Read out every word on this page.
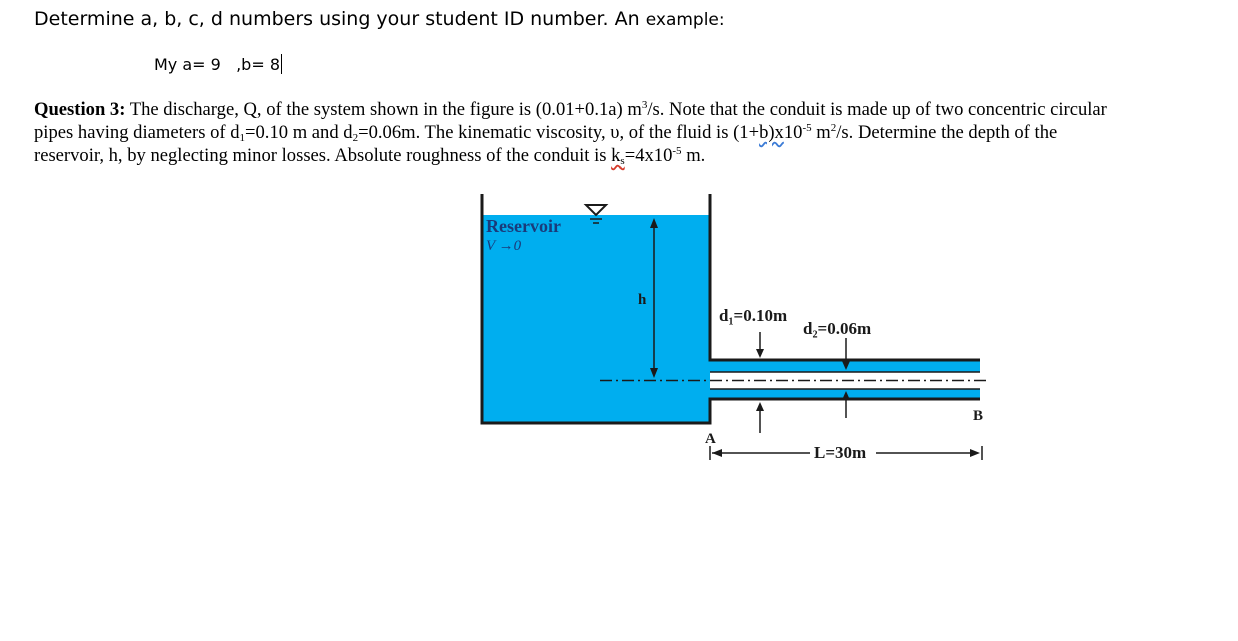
Determine a, b, c, d numbers using your student ID number. An example:
My a= 9   ,b= 8
Question 3: The discharge, Q, of the system shown in the figure is (0.01+0.1a) $m^3/s$. Note that the conduit is made up of two concentric circular
pipes having diameters of $d_1=0.10$ m and $d_2=0.06m$. The kinematic viscosity, υ, of the fluid is $(1+b)x10^{-5}$ $m^2/s$. Determine the depth of the
reservoir, h, by neglecting minor losses. Absolute roughness of the conduit is $k_s=4x10^{-5}$ m.
Reservoir
V →0
h
d₁=0.10m
d₂=0.06m
A
B
L=30m
